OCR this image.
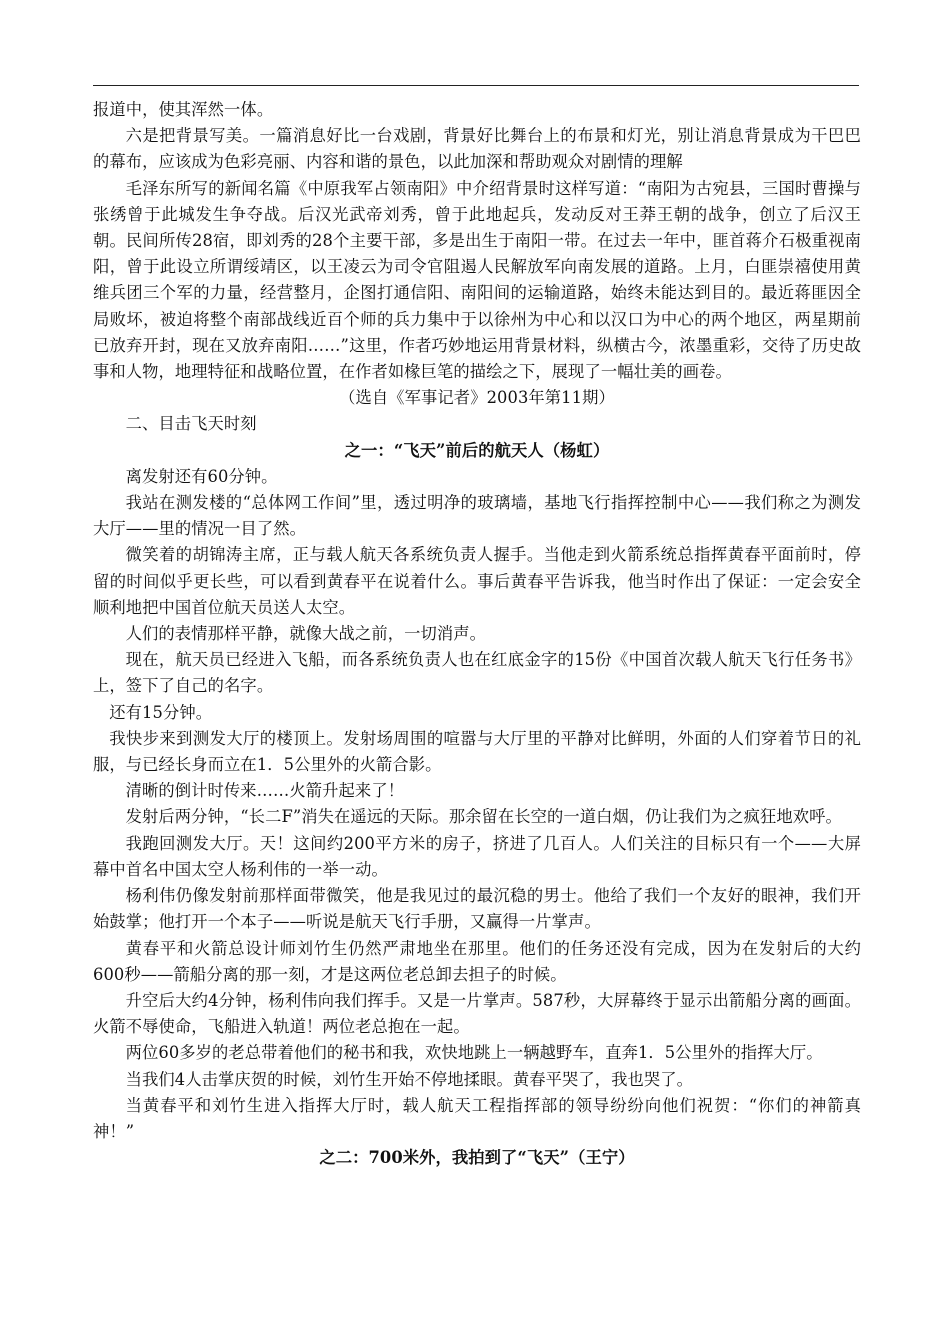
报道中，使其浑然一体。

六是把背景写美。一篇消息好比一台戏剧，背景好比舞台上的布景和灯光，别让消息背景成为干巴巴的幕布，应该成为色彩亮丽、内容和谐的景色，以此加深和帮助观众对剧情的理解

毛泽东所写的新闻名篇《中原我军占领南阳》中介绍背景时这样写道：“南阳为古宛县，三国时曹操与张绣曾于此城发生争夺战。后汉光武帝刘秀，曾于此地起兵，发动反对王莽王朝的战争，创立了后汉王朝。民间所传28宿，即刘秀的28个主要干部，多是出生于南阳一带。在过去一年中，匪首蒋介石极重视南阳，曾于此设立所谓绥靖区，以王凌云为司令官阻遏人民解放军向南发展的道路。上月，白匪崇禧使用黄维兵团三个军的力量，经营整月，企图打通信阳、南阳间的运输道路，始终未能达到目的。最近蒋匪因全局败坏，被迫将整个南部战线近百个师的兵力集中于以徐州为中心和以汉口为中心的两个地区，两星期前已放弃开封，现在又放弃南阳……”这里，作者巧妙地运用背景材料，纵横古今，浓墨重彩，交待了历史故事和人物，地理特征和战略位置，在作者如椽巨笔的描绘之下，展现了一幅壮美的画卷。

（选自《军事记者》2003年第11期）

二、目击飞天时刻

之一：“飞天”前后的航天人（杨虹）

离发射还有60分钟。

我站在测发楼的“总体网工作间”里，透过明净的玻璃墙，基地飞行指挥控制中心——我们称之为测发大厅——里的情况一目了然。

微笑着的胡锦涛主席，正与载人航天各系统负责人握手。当他走到火箭系统总指挥黄春平面前时，停留的时间似乎更长些，可以看到黄春平在说着什么。事后黄春平告诉我，他当时作出了保证：一定会安全顺利地把中国首位航天员送人太空。

人们的表情那样平静，就像大战之前，一切消声。

现在，航天员已经进入飞船，而各系统负责人也在红底金字的15份《中国首次载人航天飞行任务书》上，签下了自己的名字。

还有15分钟。

我快步来到测发大厅的楼顶上。发射场周围的喧嚣与大厅里的平静对比鲜明，外面的人们穿着节日的礼服，与已经长身而立在1．5公里外的火箭合影。

清晰的倒计时传来……火箭升起来了！

发射后两分钟，“长二F”消失在遥远的天际。那余留在长空的一道白烟，仍让我们为之疯狂地欢呼。

我跑回测发大厅。天！这间约200平方米的房子，挤进了几百人。人们关注的目标只有一个——大屏幕中首名中国太空人杨利伟的一举一动。

杨利伟仍像发射前那样面带微笑，他是我见过的最沉稳的男士。他给了我们一个友好的眼神，我们开始鼓掌；他打开一个本子——听说是航天飞行手册，又赢得一片掌声。

黄春平和火箭总设计师刘竹生仍然严肃地坐在那里。他们的任务还没有完成，因为在发射后的大约600秒——箭船分离的那一刻，才是这两位老总卸去担子的时候。

升空后大约4分钟，杨利伟向我们挥手。又是一片掌声。587秒，大屏幕终于显示出箭船分离的画面。火箭不辱使命，飞船进入轨道！两位老总抱在一起。

两位60多岁的老总带着他们的秘书和我，欢快地跳上一辆越野车，直奔1．5公里外的指挥大厅。

当我们4人击掌庆贺的时候，刘竹生开始不停地揉眼。黄春平哭了，我也哭了。

当黄春平和刘竹生进入指挥大厅时，载人航天工程指挥部的领导纷纷向他们祝贺：“你们的神箭真神！”

之二：700米外，我拍到了“飞天”（王宁）
